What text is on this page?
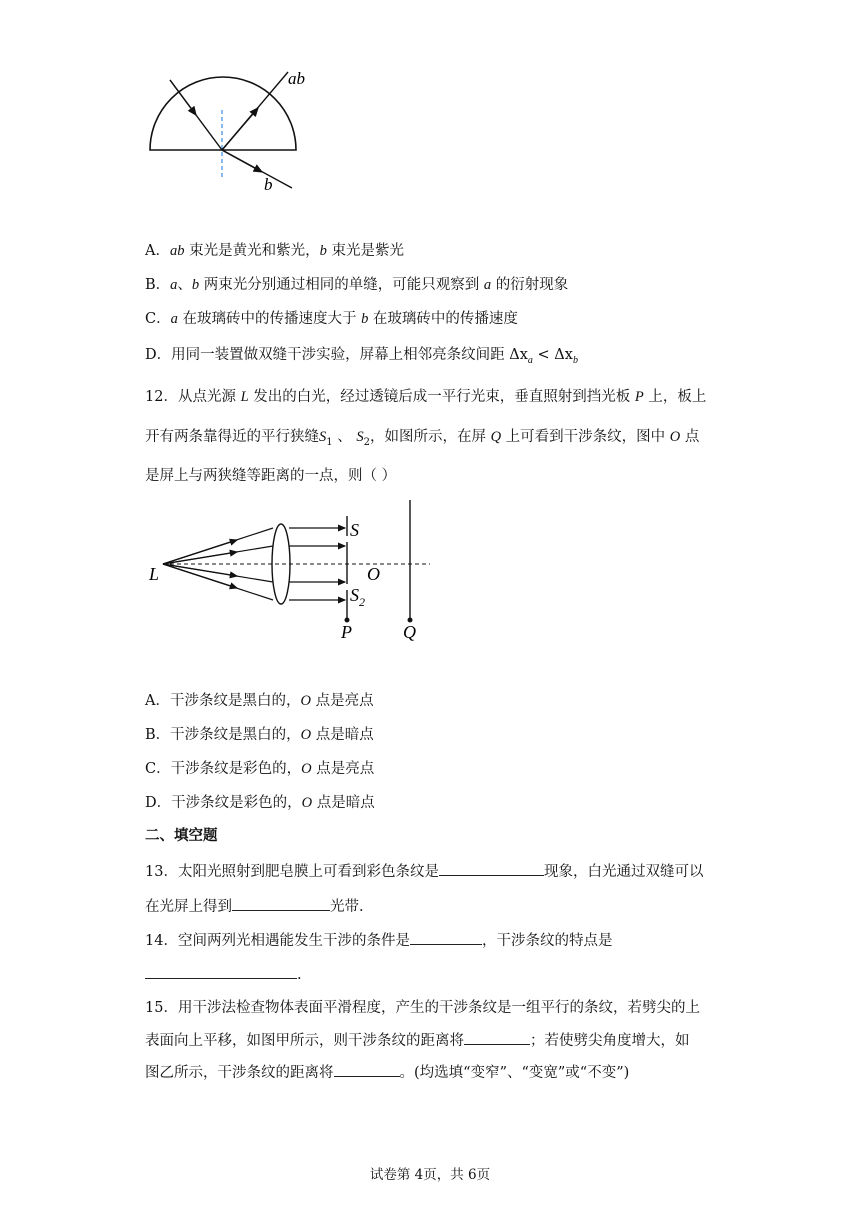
ab
b
A．ab 束光是黄光和紫光，b 束光是紫光
B．a、b 两束光分别通过相同的单缝，可能只观察到 a 的衍射现象
C．a 在玻璃砖中的传播速度大于 b 在玻璃砖中的传播速度
D．用同一装置做双缝干涉实验，屏幕上相邻亮条纹间距 $\Delta x_a < \Delta x_b$
12．从点光源 L 发出的白光，经过透镜后成一平行光束，垂直照射到挡光板 P 上，板上
开有两条靠得近的平行狭缝$S_1$ 、 $S_2$，如图所示，在屏 Q 上可看到干涉条纹，图中 O 点
是屏上与两狭缝等距离的一点，则（ ）
L
S
O
$S_2$
P	Q
A．干涉条纹是黑白的，O 点是亮点
B．干涉条纹是黑白的，O 点是暗点
C．干涉条纹是彩色的，O 点是亮点
D．干涉条纹是彩色的，O 点是暗点
二、填空题
13．太阳光照射到肥皂膜上可看到彩色条纹是	现象，白光通过双缝可以
在光屏上得到	光带.
14．空间两列光相遇能发生干涉的条件是	，干涉条纹的特点是
.
15．用干涉法检查物体表面平滑程度，产生的干涉条纹是一组平行的条纹，若劈尖的上
表面向上平移，如图甲所示，则干涉条纹的距离将	；若使劈尖角度增大，如
图乙所示，干涉条纹的距离将	。(均选填“变窄”、“变宽”或“不变”)
试卷第 4页，共 6页
